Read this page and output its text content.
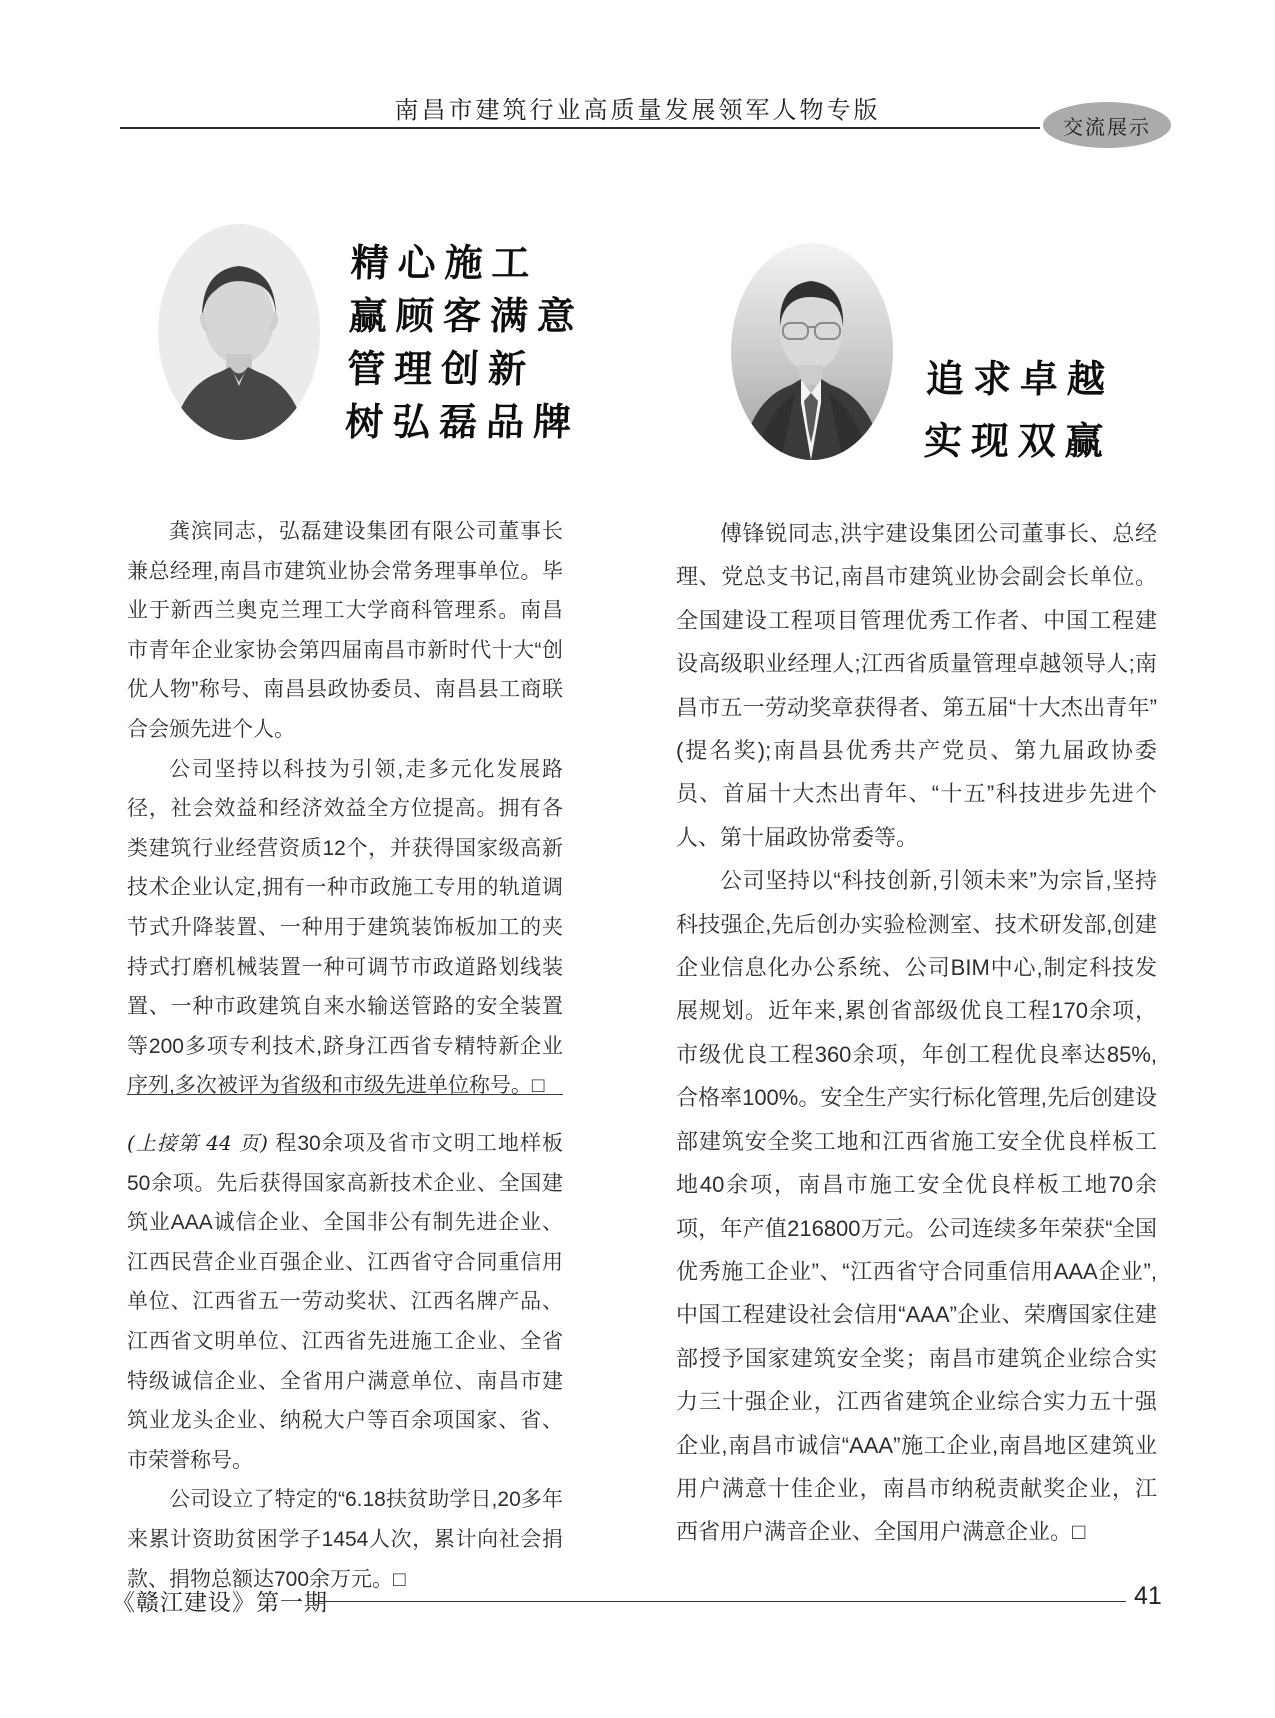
南昌市建筑行业高质量发展领军人物专版
交流展示
精心施工
赢顾客满意
管理创新
树弘磊品牌
追求卓越
实现双赢

龚滨同志，弘磊建设集团有限公司董事长兼总经理,南昌市建筑业协会常务理事单位。毕业于新西兰奥克兰理工大学商科管理系。南昌市青年企业家协会第四届南昌市新时代十大“创优人物”称号、南昌县政协委员、南昌县工商联合会颁先进个人。

公司坚持以科技为引领,走多元化发展路径，社会效益和经济效益全方位提高。拥有各类建筑行业经营资质12个，并获得国家级高新技术企业认定,拥有一种市政施工专用的轨道调节式升降装置、一种用于建筑装饰板加工的夹持式打磨机械装置一种可调节市政道路划线装置、一种市政建筑自来水输送管路的安全装置等200多项专利技术,跻身江西省专精特新企业序列,多次被评为省级和市级先进单位称号。□

(上接第 44 页) 程30余项及省市文明工地样板50余项。先后获得国家高新技术企业、全国建筑业AAA诚信企业、全国非公有制先进企业、江西民营企业百强企业、江西省守合同重信用单位、江西省五一劳动奖状、江西名牌产品、江西省文明单位、江西省先进施工企业、全省特级诚信企业、全省用户满意单位、南昌市建筑业龙头企业、纳税大户等百余项国家、省、市荣誉称号。

公司设立了特定的“6.18扶贫助学日,20多年来累计资助贫困学子1454人次，累计向社会捐款、捐物总额达700余万元。□

傅锋锐同志,洪宇建设集团公司董事长、总经理、党总支书记,南昌市建筑业协会副会长单位。全国建设工程项目管理优秀工作者、中国工程建设高级职业经理人;江西省质量管理卓越领导人;南昌市五一劳动奖章获得者、第五届“十大杰出青年”(提名奖);南昌县优秀共产党员、第九届政协委员、首届十大杰出青年、“十五”科技进步先进个人、第十届政协常委等。

公司坚持以“科技创新,引领未来”为宗旨,坚持科技强企,先后创办实验检测室、技术研发部,创建企业信息化办公系统、公司BIM中心,制定科技发展规划。近年来,累创省部级优良工程170余项，市级优良工程360余项，年创工程优良率达85%,合格率100%。安全生产实行标化管理,先后创建设部建筑安全奖工地和江西省施工安全优良样板工地40余项，南昌市施工安全优良样板工地70余项，年产值216800万元。公司连续多年荣获“全国优秀施工企业”、“江西省守合同重信用AAA企业”,中国工程建设社会信用“AAA”企业、荣膺国家住建部授予国家建筑安全奖；南昌市建筑企业综合实力三十强企业，江西省建筑企业综合实力五十强企业,南昌市诚信“AAA”施工企业,南昌地区建筑业用户满意十佳企业，南昌市纳税责献奖企业，江西省用户满音企业、全国用户满意企业。□

《赣江建设》第一期	41
